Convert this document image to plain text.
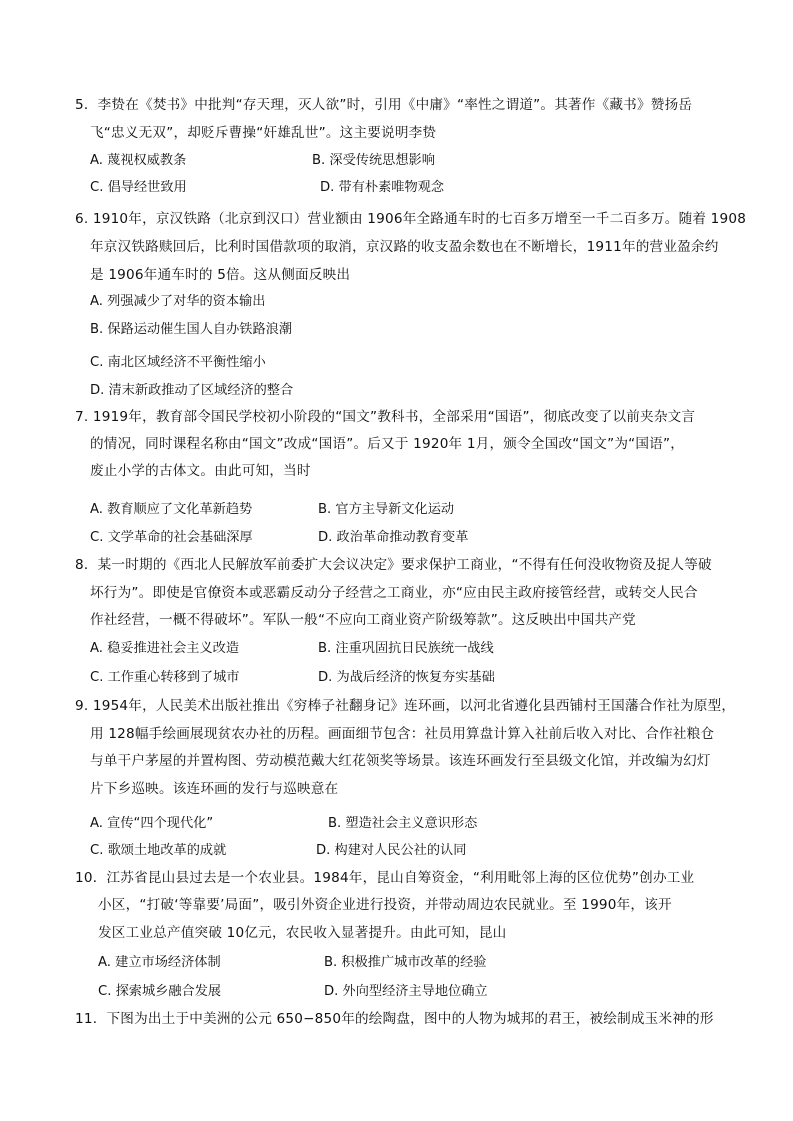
5．李贽在《焚书》中批判“存天理，灭人欲”时，引用《中庸》“率性之谓道”。其著作《藏书》赞扬岳
飞“忠义无双”，却贬斥曹操“奸雄乱世”。这主要说明李贽
A. 蔑视权威教条	B. 深受传统思想影响
C. 倡导经世致用	D. 带有朴素唯物观念
6. 1910年，京汉铁路（北京到汉口）营业额由 1906年全路通车时的七百多万增至一千二百多万。随着 1908
年京汉铁路赎回后，比利时国借款项的取消，京汉路的收支盈余数也在不断增长，1911年的营业盈余约
是 1906年通车时的 5倍。这从侧面反映出
A. 列强减少了对华的资本输出
B. 保路运动催生国人自办铁路浪潮
C. 南北区域经济不平衡性缩小
D. 清末新政推动了区域经济的整合
7. 1919年，教育部令国民学校初小阶段的“国文”教科书，全部采用“国语”，彻底改变了以前夹杂文言
的情况，同时课程名称由“国文”改成“国语”。后又于 1920年 1月，颁令全国改“国文”为“国语”，
废止小学的古体文。由此可知，当时
A. 教育顺应了文化革新趋势	B. 官方主导新文化运动
C. 文学革命的社会基础深厚	D. 政治革命推动教育变革
8．某一时期的《西北人民解放军前委扩大会议决定》要求保护工商业，“不得有任何没收物资及捉人等破
坏行为”。即使是官僚资本或恶霸反动分子经营之工商业，亦“应由民主政府接管经营，或转交人民合
作社经营，一概不得破坏”。军队一般“不应向工商业资产阶级筹款”。这反映出中国共产党
A. 稳妥推进社会主义改造	B. 注重巩固抗日民族统一战线
C. 工作重心转移到了城市	D. 为战后经济的恢复夯实基础
9. 1954年，人民美术出版社推出《穷棒子社翻身记》连环画，以河北省遵化县西铺村王国藩合作社为原型，
用 128幅手绘画展现贫农办社的历程。画面细节包含：社员用算盘计算入社前后收入对比、合作社粮仓
与单干户茅屋的并置构图、劳动模范戴大红花领奖等场景。该连环画发行至县级文化馆，并改编为幻灯
片下乡巡映。该连环画的发行与巡映意在
A. 宣传“四个现代化”	B. 塑造社会主义意识形态
C. 歌颂土地改革的成就	D. 构建对人民公社的认同
10．江苏省昆山县过去是一个农业县。1984年，昆山自筹资金，“利用毗邻上海的区位优势”创办工业
小区，“打破‘等靠要’局面”，吸引外资企业进行投资，并带动周边农民就业。至 1990年，该开
发区工业总产值突破 10亿元，农民收入显著提升。由此可知，昆山
A. 建立市场经济体制	B. 积极推广城市改革的经验
C. 探索城乡融合发展	D. 外向型经济主导地位确立
11．下图为出土于中美洲的公元 650−850年的绘陶盘，图中的人物为城邦的君王，被绘制成玉米神的形
